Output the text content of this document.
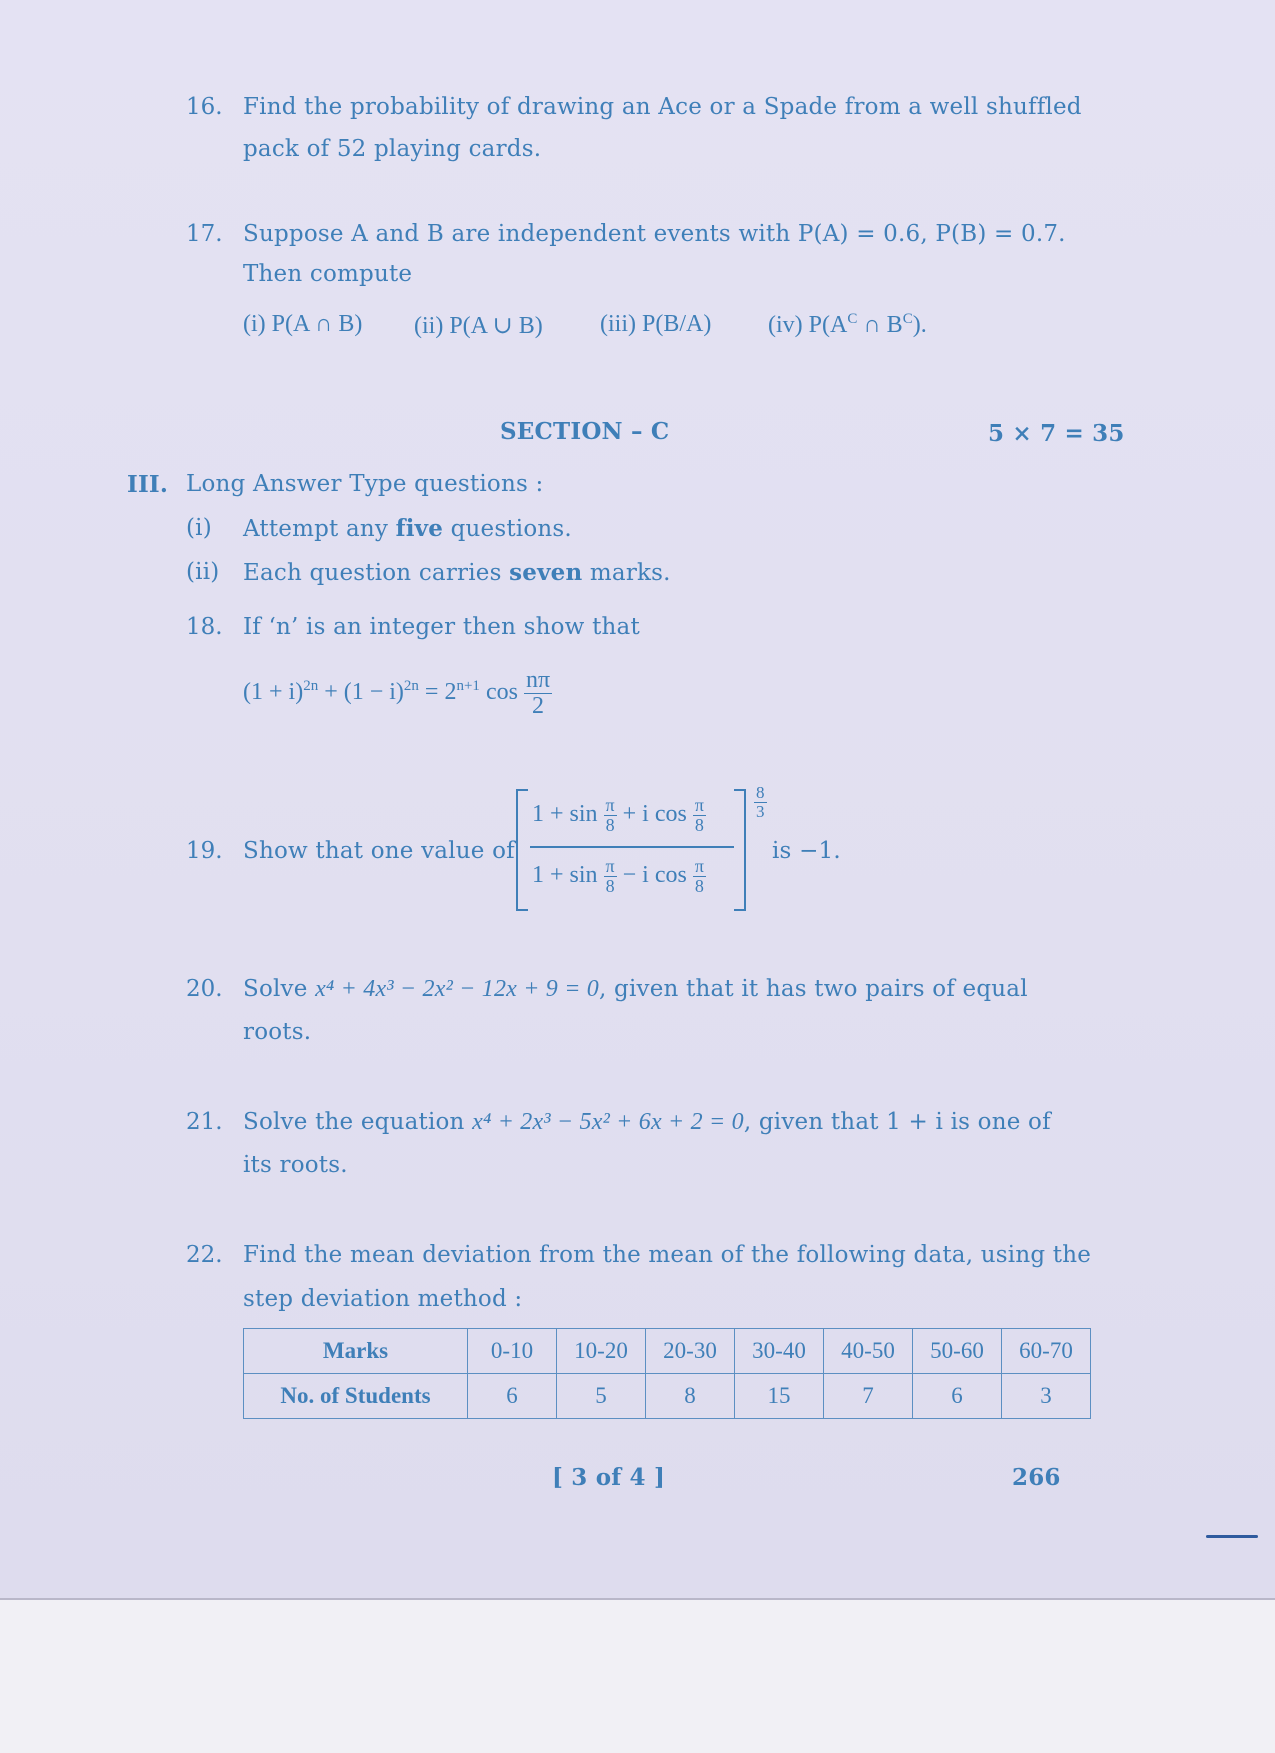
16. Find the probability of drawing an Ace or a Spade from a well shuffled
pack of 52 playing cards.
17. Suppose A and B are independent events with P(A) = 0.6, P(B) = 0.7.
Then compute
(i) P(A ∩ B) (ii) P(A ∪ B) (iii) P(B/A) (iv) $P(A^C$ ∩ $B^C$).
SECTION – C	5 × 7 = 35
III. Long Answer Type questions :
(i) Attempt any five questions.
(ii) Each question carries seven marks.
18. If ‘n’ is an integer then show that
$(1 + i)^{2n} + (1 - i)^{2n} = 2^{n+1}$ $\cos \frac{n\pi}{2}$
19. Show that one value of
$1 + \sin \frac{\pi}{8} + i$ $\cos \frac{\pi}{8}$
$1 + \sin \frac{\pi}{8} - i$ $\cos \frac{\pi}{8}$
$\frac{8}{3}$
is −1.
20. Solve x⁴ + 4x³ − 2x² − 12x + 9 = 0, given that it has two pairs of equal
roots.
21. Solve the equation x⁴ + 2x³ − 5x² + 6x + 2 = 0, given that 1 + i is one of
its roots.
22. Find the mean deviation from the mean of the following data, using the
step deviation method :
Marks	0-10	10-20	20-30	30-40	40-50	50-60	60-70
No. of Students	6	5	8	15	7	6	3
[ 3 of 4 ]	266
